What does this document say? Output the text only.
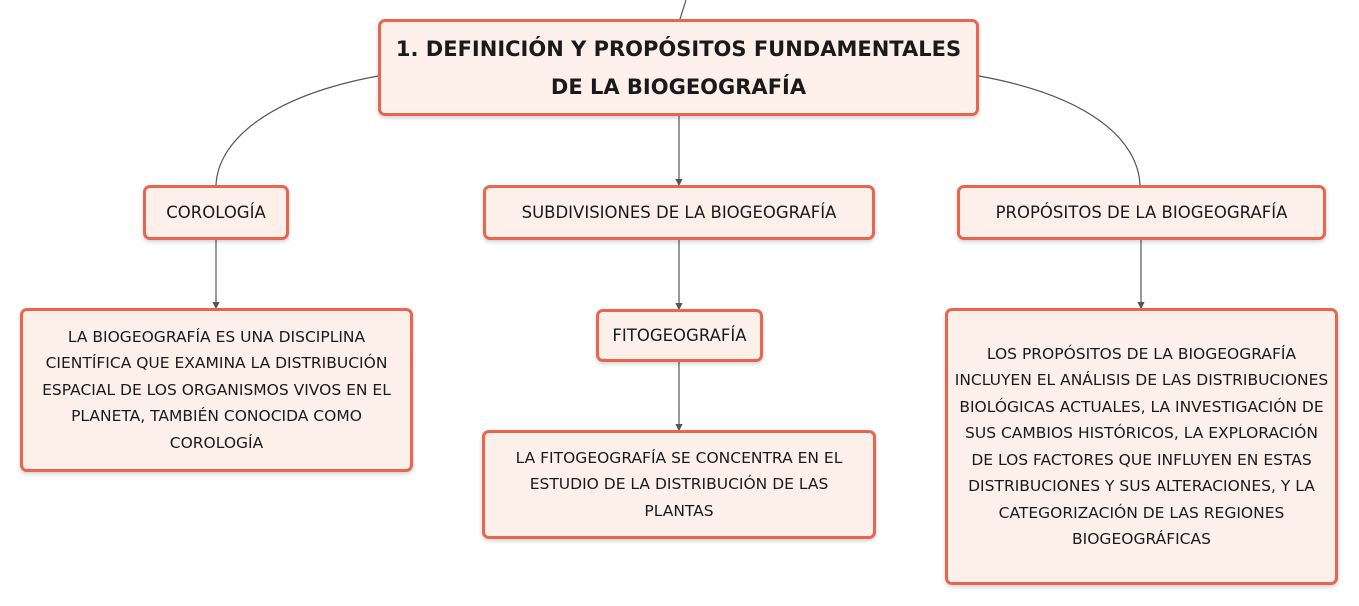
1. DEFINICIÓN Y PROPÓSITOS FUNDAMENTALES DE LA BIOGEOGRAFÍA
COROLOGÍA	SUBDIVISIONES DE LA BIOGEOGRAFÍA	PROPÓSITOS DE LA BIOGEOGRAFÍA
FITOGEOGRAFÍA
LA BIOGEOGRAFÍA ES UNA DISCIPLINA CIENTÍFICA QUE EXAMINA LA DISTRIBUCIÓN ESPACIAL DE LOS ORGANISMOS VIVOS EN EL PLANETA, TAMBIÉN CONOCIDA COMO COROLOGÍA
LA FITOGEOGRAFÍA SE CONCENTRA EN EL ESTUDIO DE LA DISTRIBUCIÓN DE LAS PLANTAS
LOS PROPÓSITOS DE LA BIOGEOGRAFÍA INCLUYEN EL ANÁLISIS DE LAS DISTRIBUCIONES BIOLÓGICAS ACTUALES, LA INVESTIGACIÓN DE SUS CAMBIOS HISTÓRICOS, LA EXPLORACIÓN DE LOS FACTORES QUE INFLUYEN EN ESTAS DISTRIBUCIONES Y SUS ALTERACIONES, Y LA CATEGORIZACIÓN DE LAS REGIONES BIOGEOGRÁFICAS
